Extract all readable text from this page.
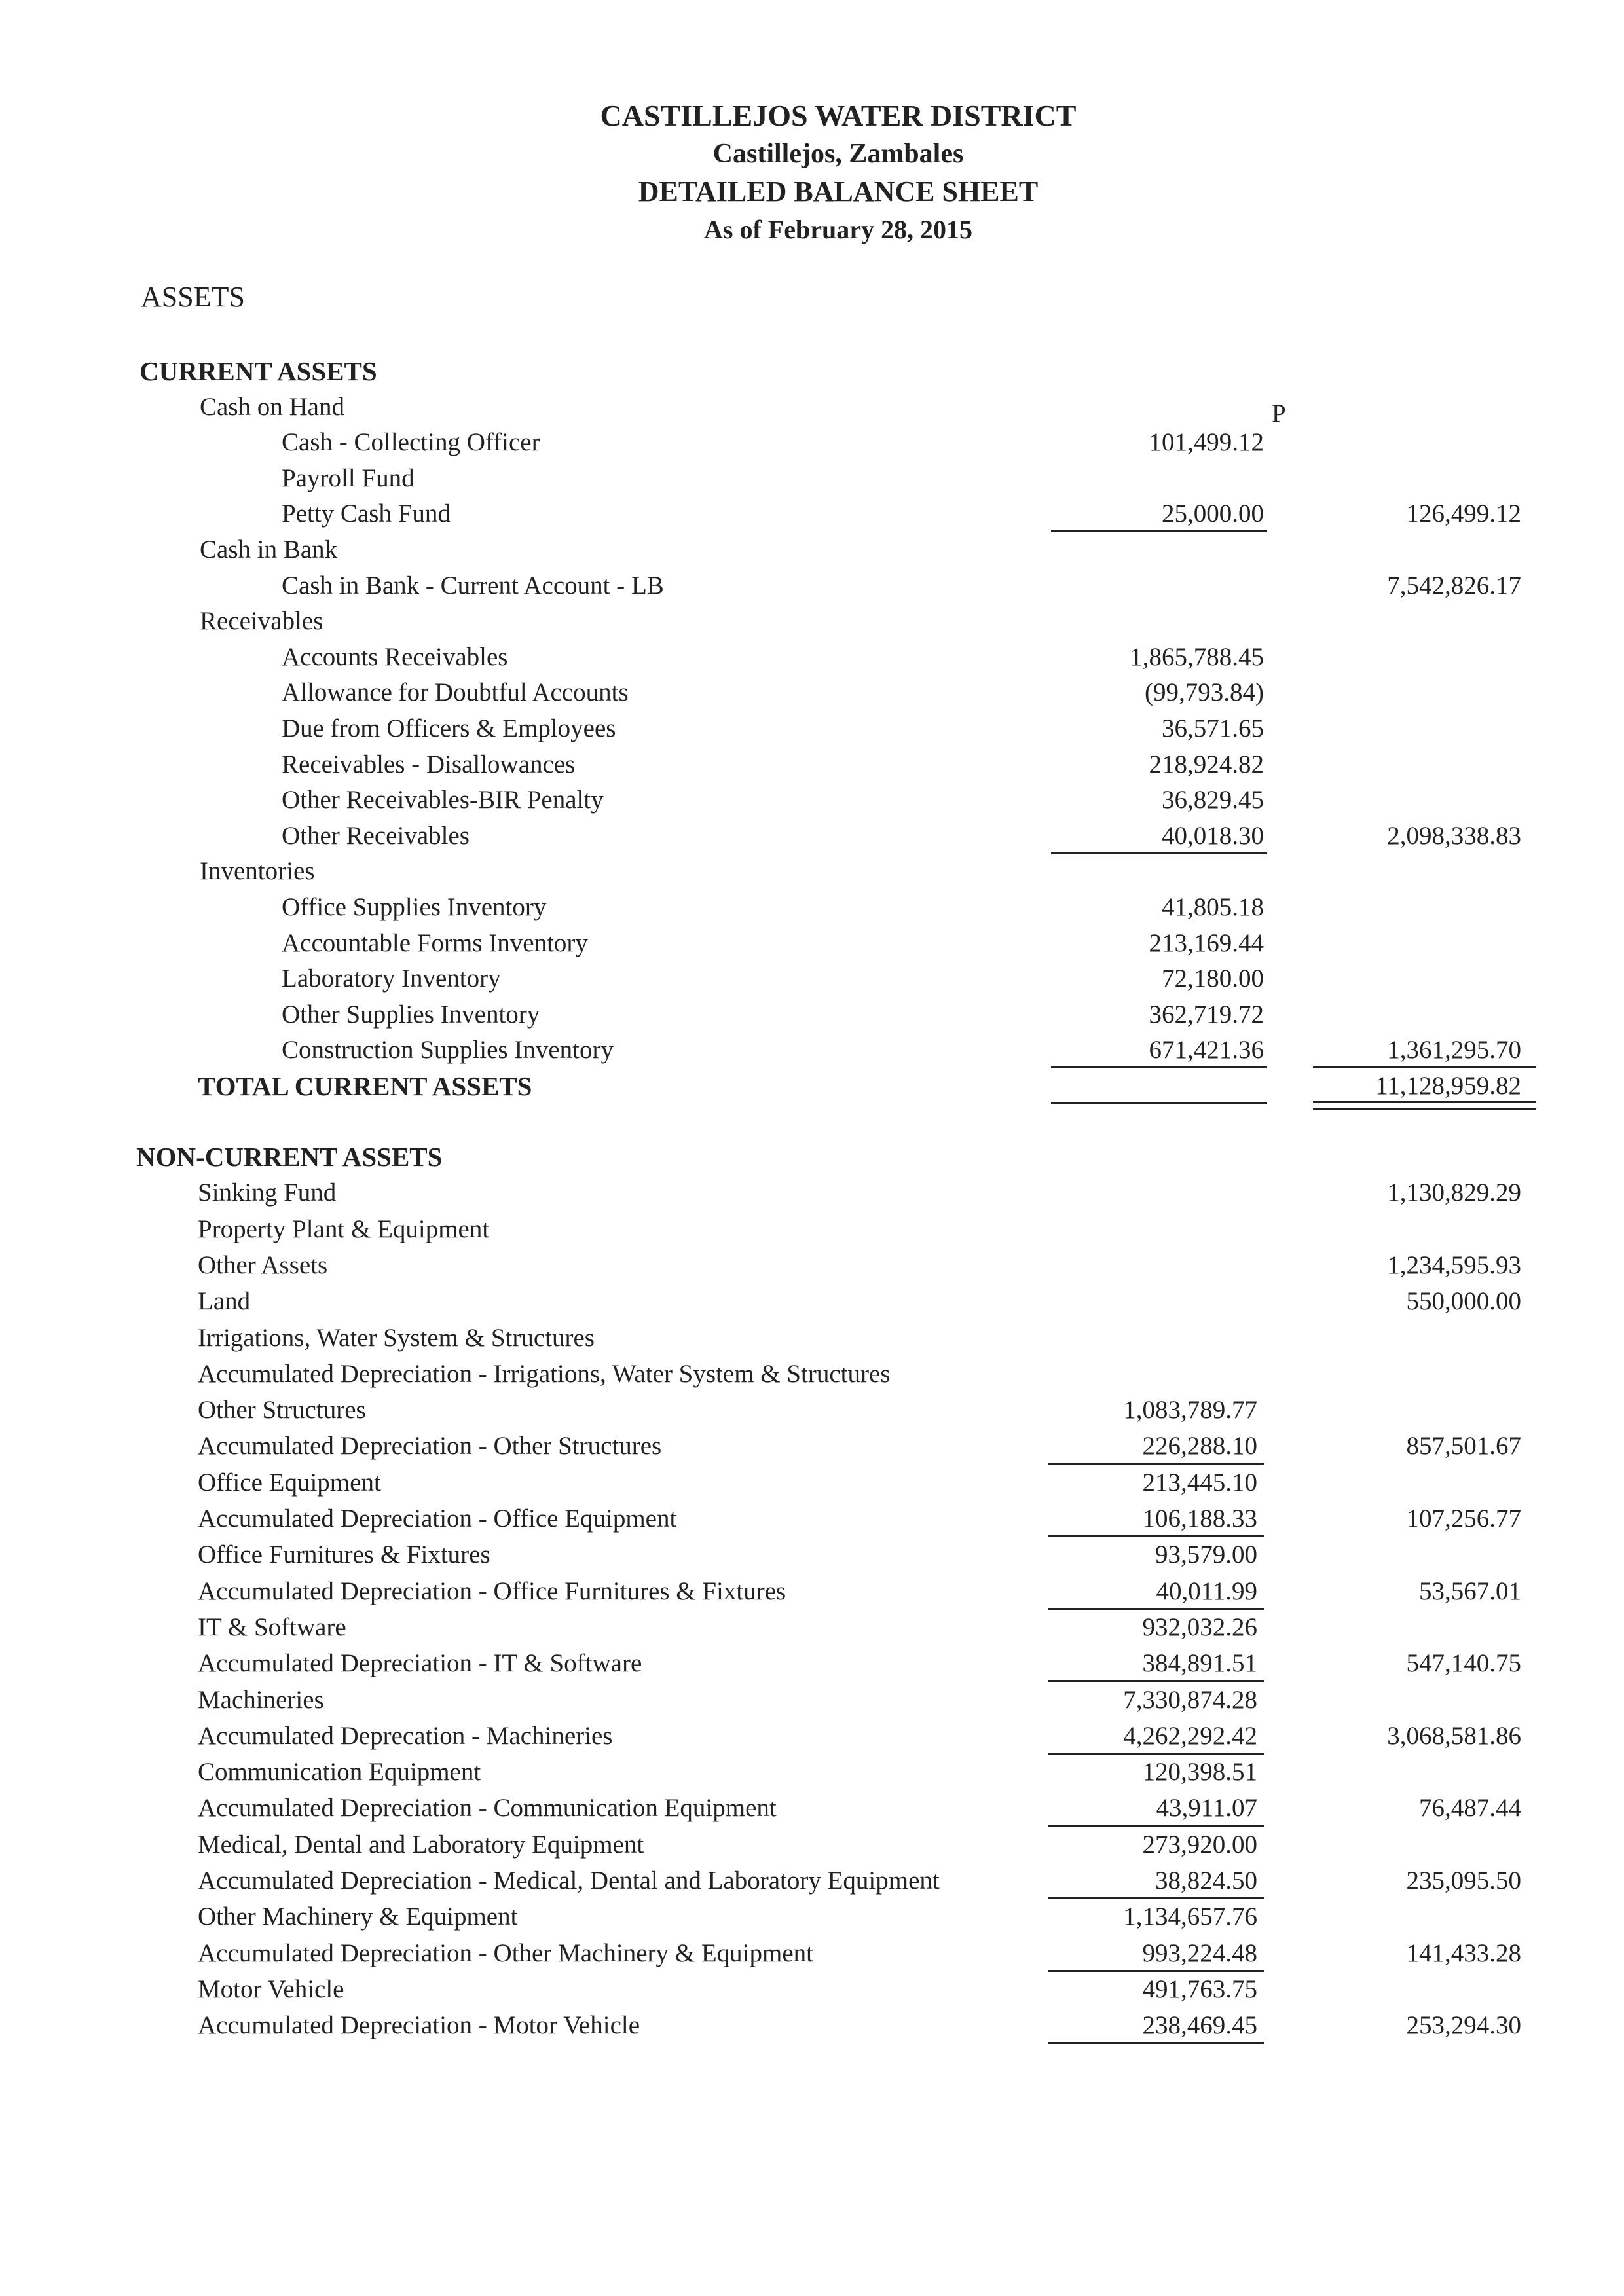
CASTILLEJOS WATER DISTRICT
Castillejos, Zambales
DETAILED BALANCE SHEET
As of February 28, 2015
ASSETS
CURRENT ASSETS
P
Cash on Hand
Cash - Collecting Officer	101,499.12
Payroll Fund
Petty Cash Fund	25,000.00	126,499.12
Cash in Bank
Cash in Bank - Current Account - LB	7,542,826.17
Receivables
Accounts Receivables	1,865,788.45
Allowance for Doubtful Accounts	(99,793.84)
Due from Officers & Employees	36,571.65
Receivables - Disallowances	218,924.82
Other Receivables-BIR Penalty	36,829.45
Other Receivables	40,018.30	2,098,338.83
Inventories
Office Supplies Inventory	41,805.18
Accountable Forms Inventory	213,169.44
Laboratory Inventory	72,180.00
Other Supplies Inventory	362,719.72
Construction Supplies Inventory	671,421.36	1,361,295.70
TOTAL CURRENT ASSETS	11,128,959.82
NON-CURRENT ASSETS
Sinking Fund	1,130,829.29
Property Plant & Equipment
Other Assets	1,234,595.93
Land	550,000.00
Irrigations, Water System & Structures
Accumulated Depreciation - Irrigations, Water System & Structures
Other Structures	1,083,789.77
Accumulated Depreciation - Other Structures	226,288.10	857,501.67
Office Equipment	213,445.10
Accumulated Depreciation - Office Equipment	106,188.33	107,256.77
Office Furnitures & Fixtures	93,579.00
Accumulated Depreciation - Office Furnitures & Fixtures	40,011.99	53,567.01
IT & Software	932,032.26
Accumulated Depreciation - IT & Software	384,891.51	547,140.75
Machineries	7,330,874.28
Accumulated Deprecation - Machineries	4,262,292.42	3,068,581.86
Communication Equipment	120,398.51
Accumulated Depreciation - Communication Equipment	43,911.07	76,487.44
Medical, Dental and Laboratory Equipment	273,920.00
Accumulated Depreciation - Medical, Dental and Laboratory Equipment	38,824.50	235,095.50
Other Machinery & Equipment	1,134,657.76
Accumulated Depreciation - Other Machinery & Equipment	993,224.48	141,433.28
Motor Vehicle	491,763.75
Accumulated Depreciation - Motor Vehicle	238,469.45	253,294.30
